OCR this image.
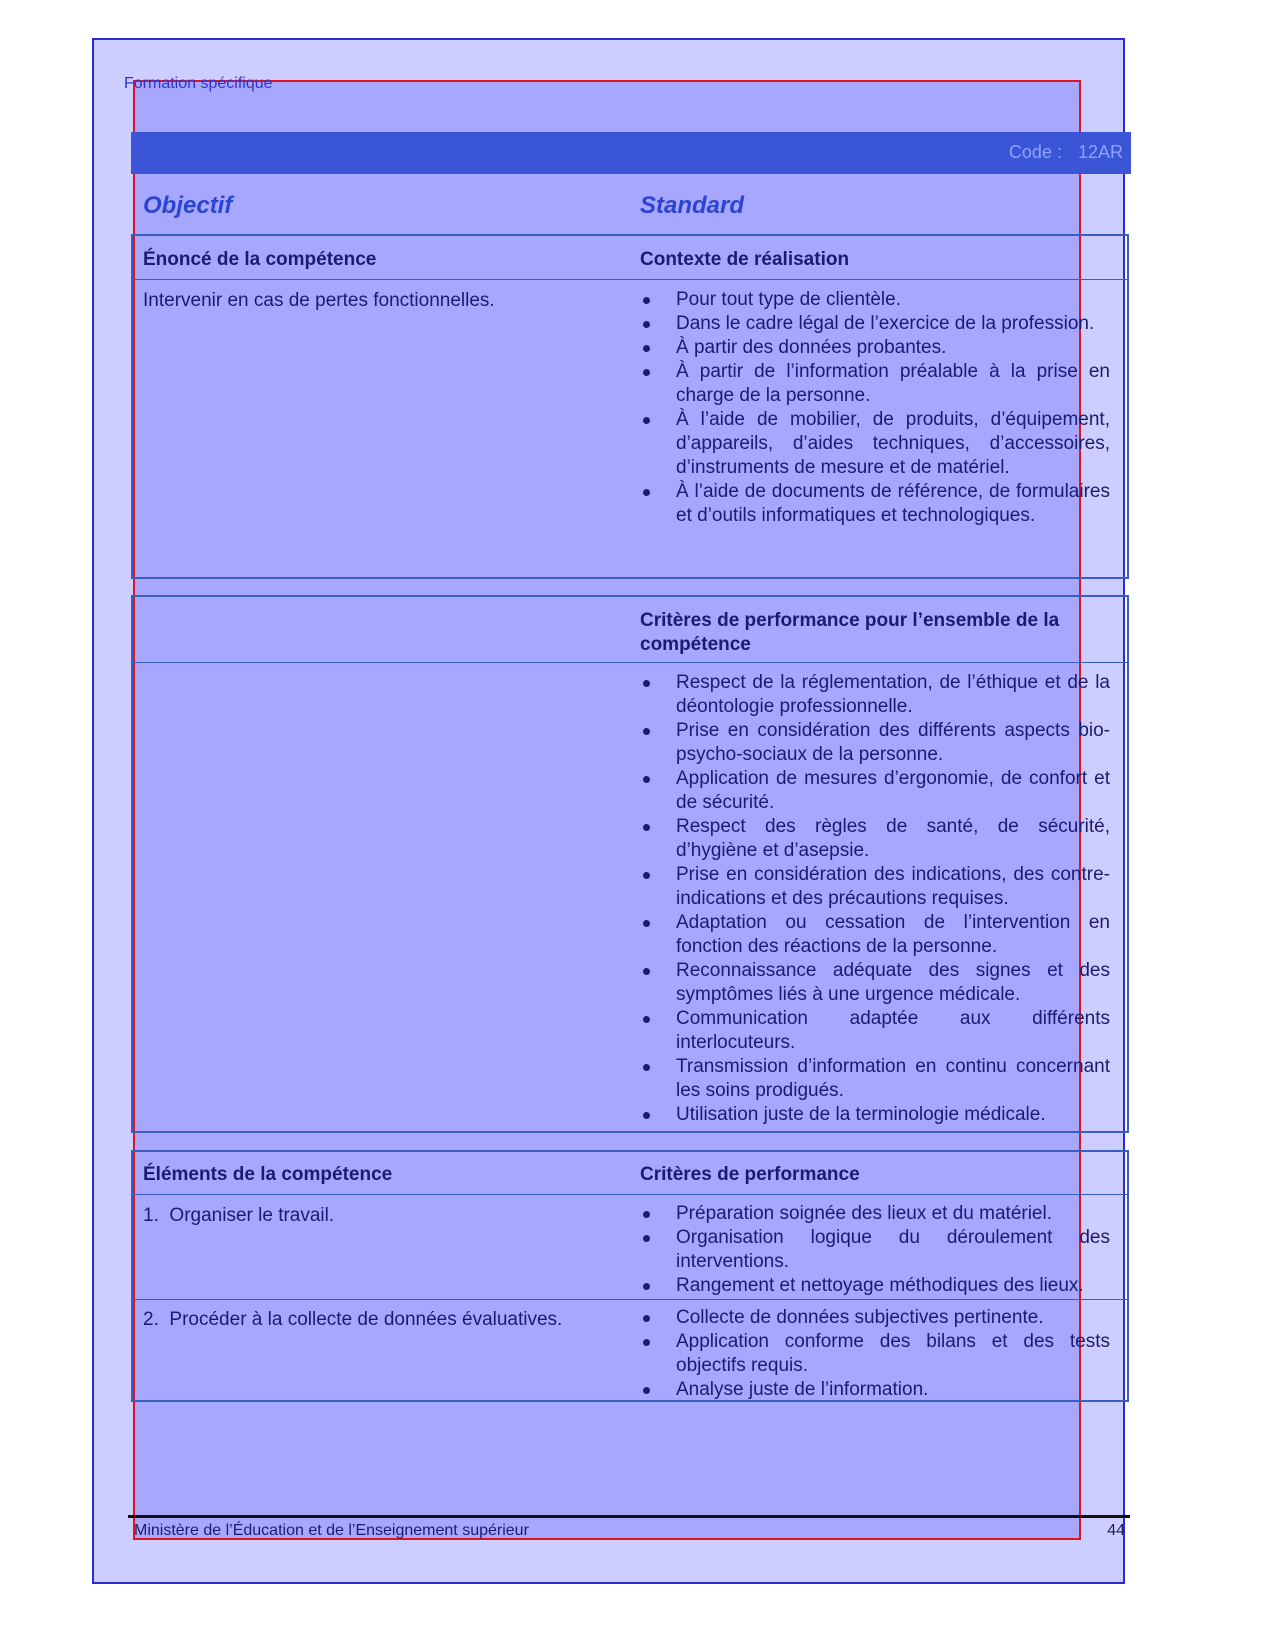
Formation spécifique
Code : 12AR
Objectif	Standard
Énoncé de la compétence	Contexte de réalisation
Intervenir en cas de pertes fonctionnelles.	Pour tout type de clientèle.
Dans le cadre légal de l’exercice de la profession.
À partir des données probantes.
À partir de l’information préalable à la prise en charge de la personne.
À l’aide de mobilier, de produits, d’équipement, d’appareils, d’aides techniques, d’accessoires, d’instruments de mesure et de matériel.
À l’aide de documents de référence, de formulaires et d’outils informatiques et technologiques.
Critères de performance pour l’ensemble de la compétence
Respect de la réglementation, de l’éthique et de la déontologie professionnelle.
Prise en considération des différents aspects bio-psycho-sociaux de la personne.
Application de mesures d’ergonomie, de confort et de sécurité.
Respect des règles de santé, de sécurité, d’hygiène et d’asepsie.
Prise en considération des indications, des contre-indications et des précautions requises.
Adaptation ou cessation de l’intervention en fonction des réactions de la personne.
Reconnaissance adéquate des signes et des symptômes liés à une urgence médicale.
Communication adaptée aux différents interlocuteurs.
Transmission d’information en continu concernant les soins prodigués.
Utilisation juste de la terminologie médicale.
Éléments de la compétence	Critères de performance
1. Organiser le travail.	Préparation soignée des lieux et du matériel.
Organisation logique du déroulement des interventions.
Rangement et nettoyage méthodiques des lieux.
2. Procéder à la collecte de données évaluatives.	Collecte de données subjectives pertinente.
Application conforme des bilans et des tests objectifs requis.
Analyse juste de l’information.
Ministère de l’Éducation et de l’Enseignement supérieur	44
